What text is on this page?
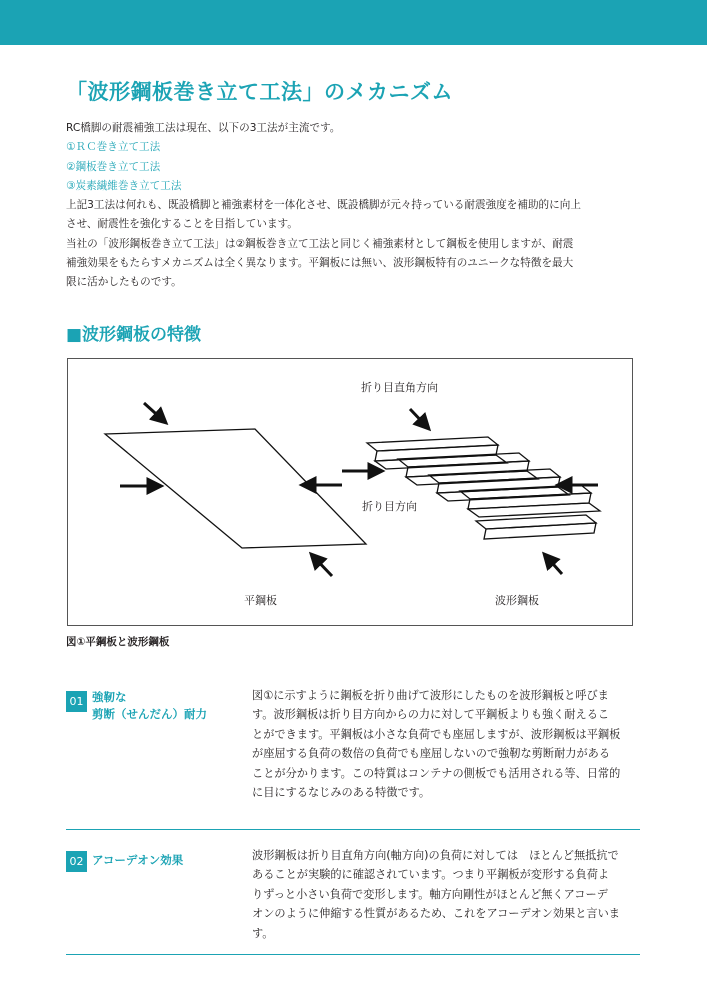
「波形鋼板巻き立て工法」のメカニズム
RC橋脚の耐震補強工法は現在、以下の3工法が主流です。
①ＲＣ巻き立て工法
②鋼板巻き立て工法
③炭素繊維巻き立て工法
上記3工法は何れも、既設橋脚と補強素材を一体化させ、既設橋脚が元々持っている耐震強度を補助的に向上
させ、耐震性を強化することを目指しています。
当社の「波形鋼板巻き立て工法」は②鋼板巻き立て工法と同じく補強素材として鋼板を使用しますが、耐震
補強効果をもたらすメカニズムは全く異なります。平鋼板には無い、波形鋼板特有のユニークな特徴を最大
限に活かしたものです。
■波形鋼板の特徴
折り目直角方向
折り目方向
平鋼板	波形鋼板
図①平鋼板と波形鋼板
01 強靭な
剪断（せんだん）耐力
図①に示すように鋼板を折り曲げて波形にしたものを波形鋼板と呼びま
す。波形鋼板は折り目方向からの力に対して平鋼板よりも強く耐えるこ
とができます。平鋼板は小さな負荷でも座屈しますが、波形鋼板は平鋼板
が座屈する負荷の数倍の負荷でも座屈しないので強靭な剪断耐力がある
ことが分かります。この特質はコンテナの側板でも活用される等、日常的
に目にするなじみのある特徴です。
02 アコーデオン効果	波形鋼板は折り目直角方向(軸方向)の負荷に対しては　ほとんど無抵抗で
あることが実験的に確認されています。つまり平鋼板が変形する負荷よ
りずっと小さい負荷で変形します。軸方向剛性がほとんど無くアコーデ
オンのように伸縮する性質があるため、これをアコーデオン効果と言いま
す。
